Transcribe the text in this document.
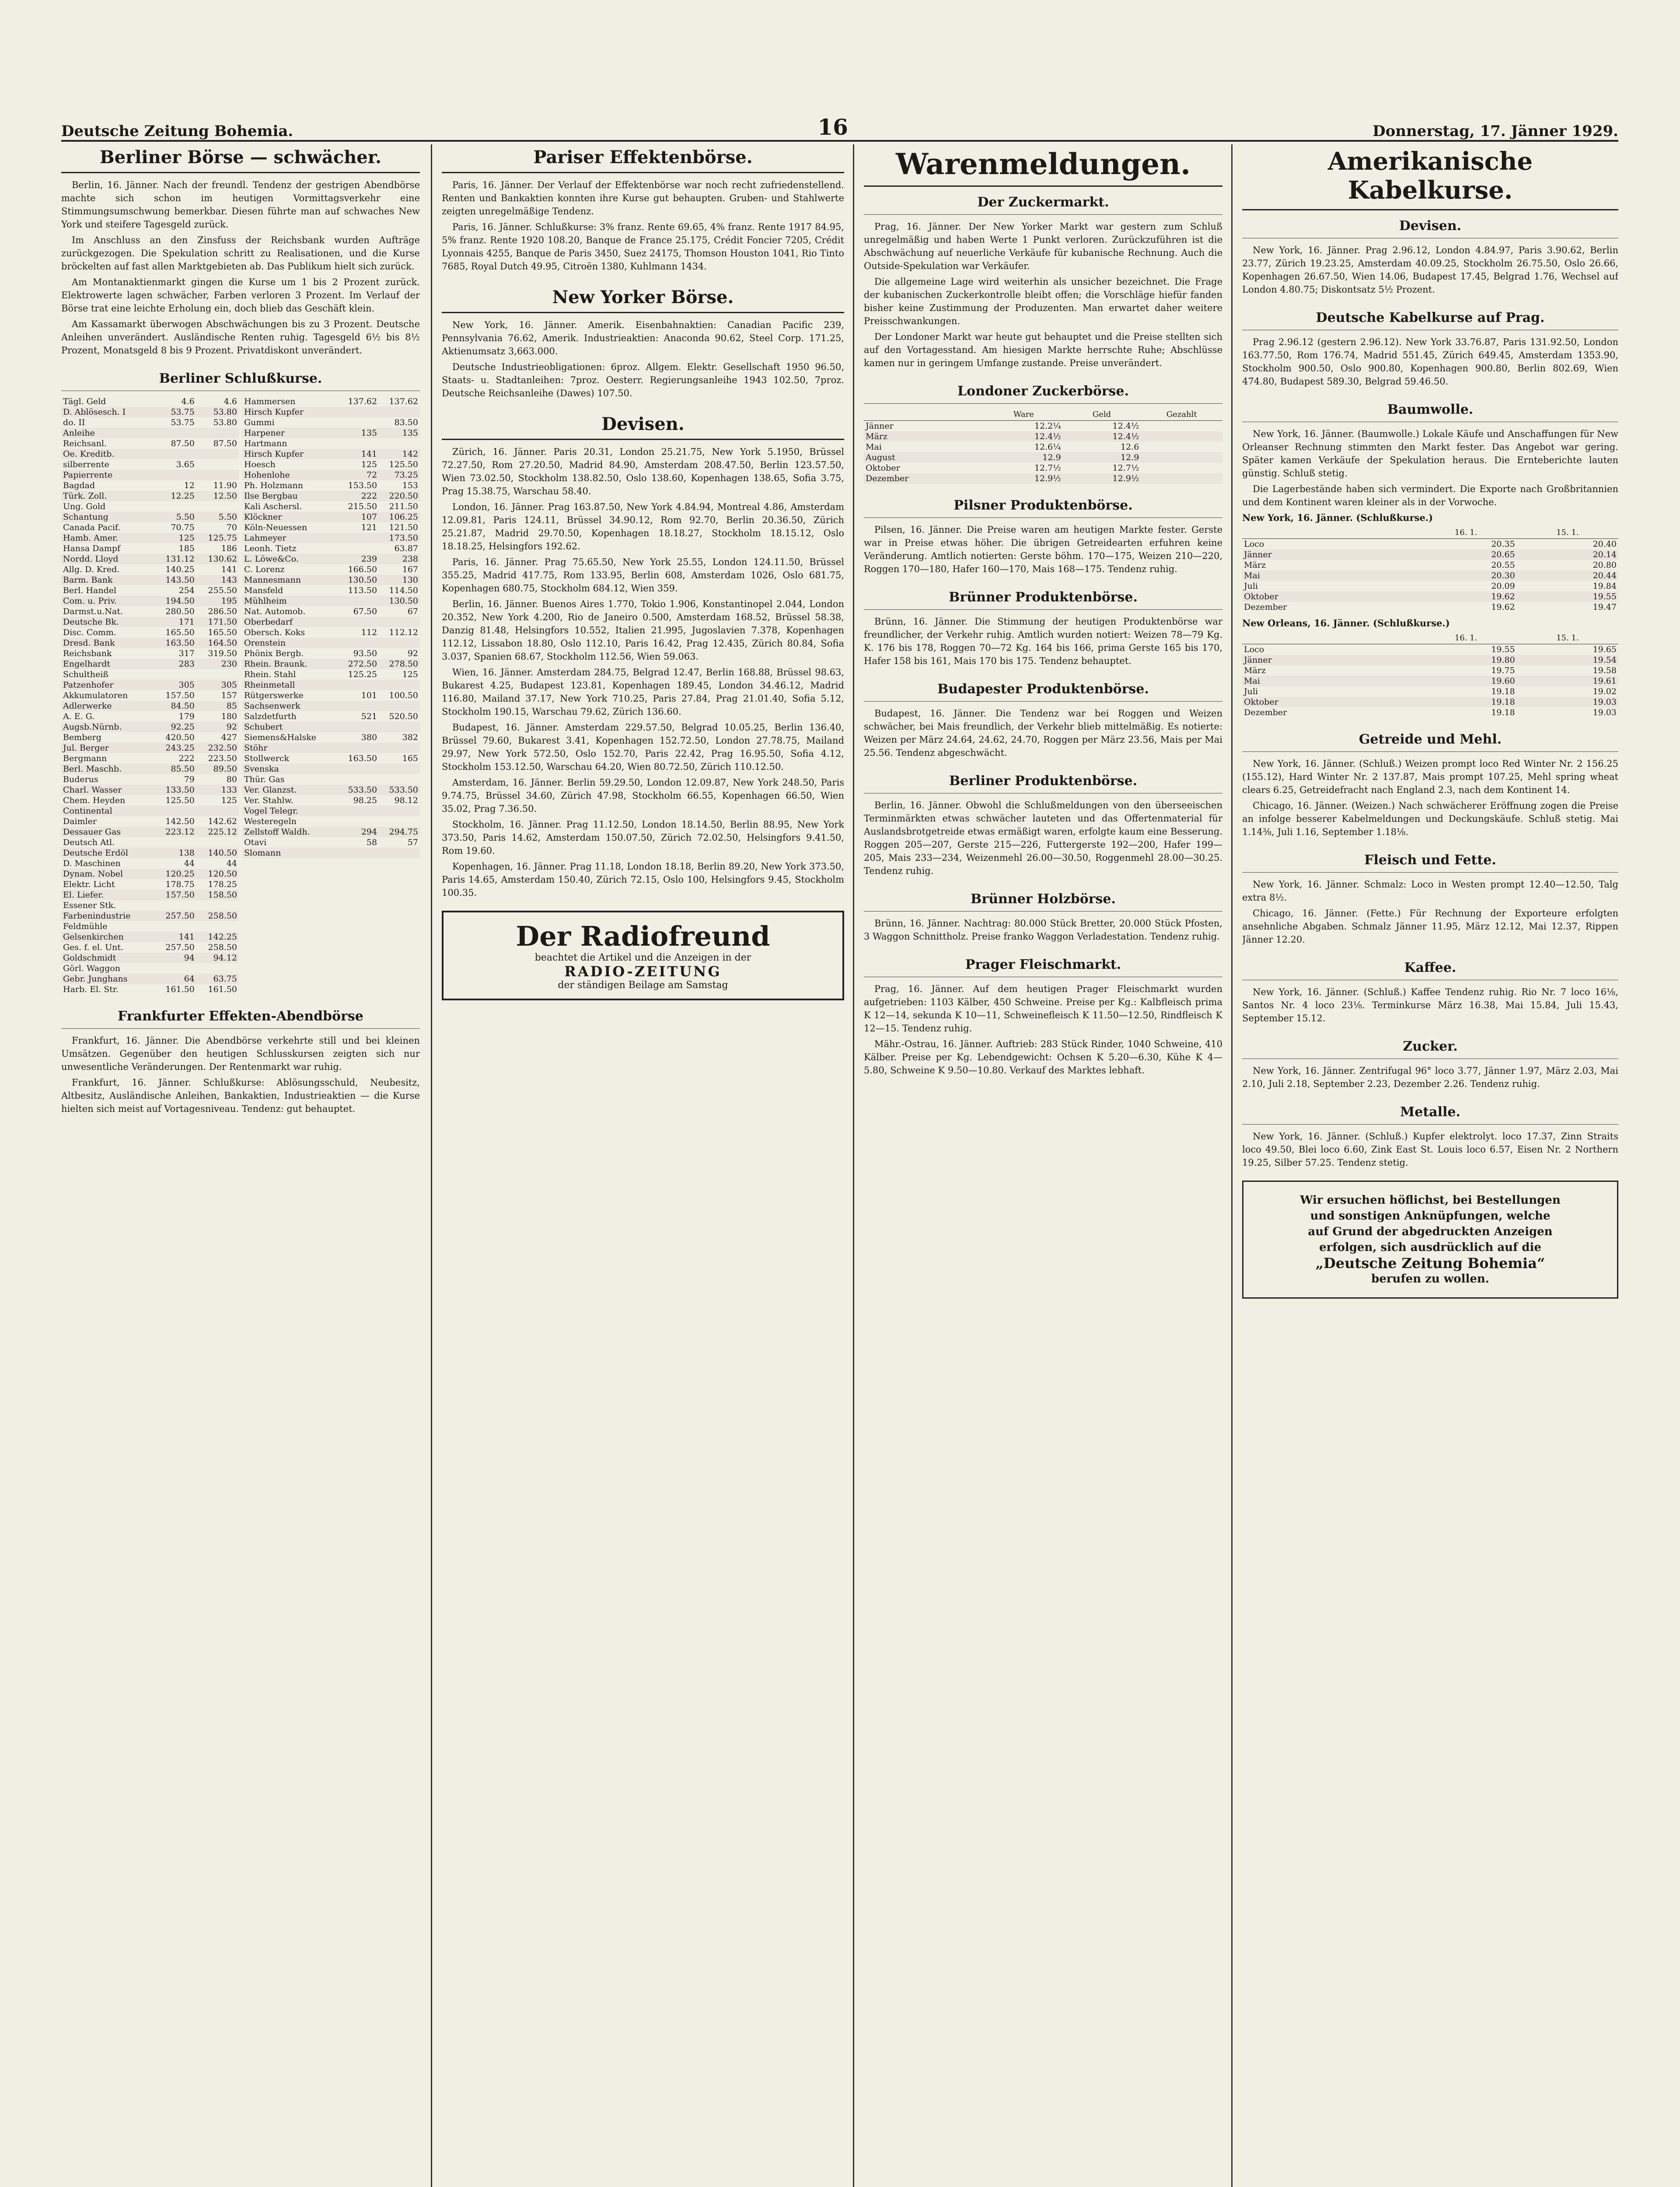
Deutsche Zeitung Bohemia.	16	Donnerstag, 17. Jänner 1929.
Berliner Börse — schwächer.

Berlin, 16. Jänner. Nach der freundl. Tendenz der gestrigen Abendbörse machte sich schon im heutigen Vormittagsverkehr eine Stimmungsumschwung bemerkbar. Diesen führte man auf schwaches New York und steifere Tagesgeld zurück.

Im Anschluss an den Zinsfuss der Reichsbank wurden Aufträge zurückgezogen. Die Spekulation schritt zu Realisationen, und die Kurse bröckelten auf fast allen Marktgebieten ab. Das Publikum hielt sich zurück.

Am Montanaktienmarkt gingen die Kurse um 1 bis 2 Prozent zurück. Elektrowerte lagen schwächer, Farben verloren 3 Prozent. Im Verlauf der Börse trat eine leichte Erholung ein, doch blieb das Geschäft klein.

Am Kassamarkt überwogen Abschwächungen bis zu 3 Prozent. Deutsche Anleihen unverändert. Ausländische Renten ruhig. Tagesgeld 6½ bis 8½ Prozent, Monatsgeld 8 bis 9 Prozent. Privatdiskont unverändert.

Berliner Schlußkurse.
Tägl. Geld	4.6	4.6
D. Ablösesch. I	53.75	53.80
do. II	53.75	53.80
Anleihe		
Reichsanl.	87.50	87.50
Oe. Kreditb.		
silberrente	3.65	
Papierrente		
Bagdad	12	11.90
Türk. Zoll.	12.25	12.50
Ung. Gold		
Schantung	5.50	5.50
Canada Pacif.	70.75	70
Hamb. Amer.	125	125.75
Hansa Dampf	185	186
Nordd. Lloyd	131.12	130.62
Allg. D. Kred.	140.25	141
Barm. Bank	143.50	143
Berl. Handel	254	255.50
Com. u. Priv.	194.50	195
Darmst.u.Nat.	280.50	286.50
Deutsche Bk.	171	171.50
Disc. Comm.	165.50	165.50
Dresd. Bank	163.50	164.50
Reichsbank	317	319.50
Engelhardt	283	230
Schultheiß		
Patzenhofer	305	305
Akkumulatoren	157.50	157
Adlerwerke	84.50	85
A. E. G.	179	180
Augsb.Nürnb.	92.25	92
Bemberg	420.50	427
Jul. Berger	243.25	232.50
Bergmann	222	223.50
Berl. Maschb.	85.50	89.50
Buderus	79	80
Charl. Wasser	133.50	133
Chem. Heyden	125.50	125
Continental		
Daimler	142.50	142.62
Dessauer Gas	223.12	225.12
Deutsch Atl.		
Deutsche Erdöl	138	140.50
D. Maschinen	44	44
Dynam. Nobel	120.25	120.50
Elektr. Licht	178.75	178.25
El. Liefer.	157.50	158.50
Essener Stk.		
Farbenindustrie	257.50	258.50
Feldmühle		
Gelsenkirchen	141	142.25
Ges. f. el. Unt.	257.50	258.50
Goldschmidt	94	94.12
Görl. Waggon		
Gebr. Junghans	64	63.75
Harb. El. Str.	161.50	161.50
Hammersen	137.62	137.62
Hirsch Kupfer		
Gummi		83.50
Harpener	135	135
Hartmann		
Hirsch Kupfer	141	142
Hoesch	125	125.50
Hohenlohe	72	73.25
Ph. Holzmann	153.50	153
Ilse Bergbau	222	220.50
Kali Aschersl.	215.50	211.50
Klöckner	107	106.25
Köln-Neuessen	121	121.50
Lahmeyer		173.50
Leonh. Tietz		63.87
L. Löwe&Co.	239	238
C. Lorenz	166.50	167
Mannesmann	130.50	130
Mansfeld	113.50	114.50
Mühlheim		130.50
Nat. Automob.	67.50	67
Oberbedarf		
Obersch. Koks	112	112.12
Orenstein		
Phönix Bergb.	93.50	92
Rhein. Braunk.	272.50	278.50
Rhein. Stahl	125.25	125
Rheinmetall		
Rütgerswerke	101	100.50
Sachsenwerk		
Salzdetfurth	521	520.50
Schubert		
Siemens&Halske	380	382
Stöhr		
Stollwerck	163.50	165
Svenska		
Thür. Gas		
Ver. Glanzst.	533.50	533.50
Ver. Stahlw.	98.25	98.12
Vogel Telegr.		
Westeregeln		
Zellstoff Waldh.	294	294.75
Otavi	58	57
Slomann		
Frankfurter Effekten-Abendbörse

Frankfurt, 16. Jänner. Die Abendbörse verkehrte still und bei kleinen Umsätzen. Gegenüber den heutigen Schlusskursen zeigten sich nur unwesentliche Veränderungen. Der Rentenmarkt war ruhig.

Frankfurt, 16. Jänner. Schlußkurse: Ablösungsschuld, Neubesitz, Altbesitz, Ausländische Anleihen, Bankaktien, Industrieaktien — die Kurse hielten sich meist auf Vortagesniveau. Tendenz: gut behauptet.

Pariser Effektenbörse.

Paris, 16. Jänner. Der Verlauf der Effektenbörse war noch recht zufriedenstellend. Renten und Bankaktien konnten ihre Kurse gut behaupten. Gruben- und Stahlwerte zeigten unregelmäßige Tendenz.

Paris, 16. Jänner. Schlußkurse: 3% franz. Rente 69.65, 4% franz. Rente 1917 84.95, 5% franz. Rente 1920 108.20, Banque de France 25.175, Crédit Foncier 7205, Crédit Lyonnais 4255, Banque de Paris 3450, Suez 24175, Thomson Houston 1041, Rio Tinto 7685, Royal Dutch 49.95, Citroën 1380, Kuhlmann 1434.

New Yorker Börse.

New York, 16. Jänner. Amerik. Eisenbahnaktien: Canadian Pacific 239, Pennsylvania 76.62, Amerik. Industrieaktien: Anaconda 90.62, Steel Corp. 171.25, Aktienumsatz 3,663.000.

Deutsche Industrieobligationen: 6proz. Allgem. Elektr. Gesellschaft 1950 96.50, Staats- u. Stadtanleihen: 7proz. Oesterr. Regierungsanleihe 1943 102.50, 7proz. Deutsche Reichsanleihe (Dawes) 107.50.

Devisen.

Zürich, 16. Jänner. Paris 20.31, London 25.21.75, New York 5.1950, Brüssel 72.27.50, Rom 27.20.50, Madrid 84.90, Amsterdam 208.47.50, Berlin 123.57.50, Wien 73.02.50, Stockholm 138.82.50, Oslo 138.60, Kopenhagen 138.65, Sofia 3.75, Prag 15.38.75, Warschau 58.40.

London, 16. Jänner. Prag 163.87.50, New York 4.84.94, Montreal 4.86, Amsterdam 12.09.81, Paris 124.11, Brüssel 34.90.12, Rom 92.70, Berlin 20.36.50, Zürich 25.21.87, Madrid 29.70.50, Kopenhagen 18.18.27, Stockholm 18.15.12, Oslo 18.18.25, Helsingfors 192.62.

Paris, 16. Jänner. Prag 75.65.50, New York 25.55, London 124.11.50, Brüssel 355.25, Madrid 417.75, Rom 133.95, Berlin 608, Amsterdam 1026, Oslo 681.75, Kopenhagen 680.75, Stockholm 684.12, Wien 359.

Berlin, 16. Jänner. Buenos Aires 1.770, Tokio 1.906, Konstantinopel 2.044, London 20.352, New York 4.200, Rio de Janeiro 0.500, Amsterdam 168.52, Brüssel 58.38, Danzig 81.48, Helsingfors 10.552, Italien 21.995, Jugoslavien 7.378, Kopenhagen 112.12, Lissabon 18.80, Oslo 112.10, Paris 16.42, Prag 12.435, Zürich 80.84, Sofia 3.037, Spanien 68.67, Stockholm 112.56, Wien 59.063.

Wien, 16. Jänner. Amsterdam 284.75, Belgrad 12.47, Berlin 168.88, Brüssel 98.63, Bukarest 4.25, Budapest 123.81, Kopenhagen 189.45, London 34.46.12, Madrid 116.80, Mailand 37.17, New York 710.25, Paris 27.84, Prag 21.01.40, Sofia 5.12, Stockholm 190.15, Warschau 79.62, Zürich 136.60.

Budapest, 16. Jänner. Amsterdam 229.57.50, Belgrad 10.05.25, Berlin 136.40, Brüssel 79.60, Bukarest 3.41, Kopenhagen 152.72.50, London 27.78.75, Mailand 29.97, New York 572.50, Oslo 152.70, Paris 22.42, Prag 16.95.50, Sofia 4.12, Stockholm 153.12.50, Warschau 64.20, Wien 80.72.50, Zürich 110.12.50.

Amsterdam, 16. Jänner. Berlin 59.29.50, London 12.09.87, New York 248.50, Paris 9.74.75, Brüssel 34.60, Zürich 47.98, Stockholm 66.55, Kopenhagen 66.50, Wien 35.02, Prag 7.36.50.

Stockholm, 16. Jänner. Prag 11.12.50, London 18.14.50, Berlin 88.95, New York 373.50, Paris 14.62, Amsterdam 150.07.50, Zürich 72.02.50, Helsingfors 9.41.50, Rom 19.60.

Kopenhagen, 16. Jänner. Prag 11.18, London 18.18, Berlin 89.20, New York 373.50, Paris 14.65, Amsterdam 150.40, Zürich 72.15, Oslo 100, Helsingfors 9.45, Stockholm 100.35.

Der Radiofreund
beachtet die Artikel und die Anzeigen in der
RADIO-ZEITUNG
der ständigen Beilage am Samstag
Warenmeldungen.
Der Zuckermarkt.

Prag, 16. Jänner. Der New Yorker Markt war gestern zum Schluß unregelmäßig und haben Werte 1 Punkt verloren. Zurückzuführen ist die Abschwächung auf neuerliche Verkäufe für kubanische Rechnung. Auch die Outside-Spekulation war Verkäufer.

Die allgemeine Lage wird weiterhin als unsicher bezeichnet. Die Frage der kubanischen Zuckerkontrolle bleibt offen; die Vorschläge hiefür fanden bisher keine Zustimmung der Produzenten. Man erwartet daher weitere Preisschwankungen.

Der Londoner Markt war heute gut behauptet und die Preise stellten sich auf den Vortagesstand. Am hiesigen Markte herrschte Ruhe; Abschlüsse kamen nur in geringem Umfange zustande. Preise unverändert.

Londoner Zuckerbörse.
	Ware	Geld	Gezahlt
Jänner	12.2¼	12.4½	
März	12.4½	12.4½	
Mai	12.6¼	12.6	
August	12.9	12.9	
Oktober	12.7½	12.7½	
Dezember	12.9½	12.9½	
Pilsner Produktenbörse.

Pilsen, 16. Jänner. Die Preise waren am heutigen Markte fester. Gerste war in Preise etwas höher. Die übrigen Getreidearten erfuhren keine Veränderung. Amtlich notierten: Gerste böhm. 170—175, Weizen 210—220, Roggen 170—180, Hafer 160—170, Mais 168—175. Tendenz ruhig.

Brünner Produktenbörse.

Brünn, 16. Jänner. Die Stimmung der heutigen Produktenbörse war freundlicher, der Verkehr ruhig. Amtlich wurden notiert: Weizen 78—79 Kg. K. 176 bis 178, Roggen 70—72 Kg. 164 bis 166, prima Gerste 165 bis 170, Hafer 158 bis 161, Mais 170 bis 175. Tendenz behauptet.

Budapester Produktenbörse.

Budapest, 16. Jänner. Die Tendenz war bei Roggen und Weizen schwächer, bei Mais freundlich, der Verkehr blieb mittelmäßig. Es notierte: Weizen per März 24.64, 24.62, 24.70, Roggen per März 23.56, Mais per Mai 25.56. Tendenz abgeschwächt.

Berliner Produktenbörse.

Berlin, 16. Jänner. Obwohl die Schlußmeldungen von den überseeischen Terminmärkten etwas schwächer lauteten und das Offertenmaterial für Auslandsbrotgetreide etwas ermäßigt waren, erfolgte kaum eine Besserung. Roggen 205—207, Gerste 215—226, Futtergerste 192—200, Hafer 199—205, Mais 233—234, Weizenmehl 26.00—30.50, Roggenmehl 28.00—30.25. Tendenz ruhig.

Brünner Holzbörse.

Brünn, 16. Jänner. Nachtrag: 80.000 Stück Bretter, 20.000 Stück Pfosten, 3 Waggon Schnittholz. Preise franko Waggon Verladestation. Tendenz ruhig.

Prager Fleischmarkt.

Prag, 16. Jänner. Auf dem heutigen Prager Fleischmarkt wurden aufgetrieben: 1103 Kälber, 450 Schweine. Preise per Kg.: Kalbfleisch prima K 12—14, sekunda K 10—11, Schweinefleisch K 11.50—12.50, Rindfleisch K 12—15. Tendenz ruhig.

Mähr.-Ostrau, 16. Jänner. Auftrieb: 283 Stück Rinder, 1040 Schweine, 410 Kälber. Preise per Kg. Lebendgewicht: Ochsen K 5.20—6.30, Kühe K 4—5.80, Schweine K 9.50—10.80. Verkauf des Marktes lebhaft.

Amerikanische Kabelkurse.
Devisen.

New York, 16. Jänner. Prag 2.96.12, London 4.84.97, Paris 3.90.62, Berlin 23.77, Zürich 19.23.25, Amsterdam 40.09.25, Stockholm 26.75.50, Oslo 26.66, Kopenhagen 26.67.50, Wien 14.06, Budapest 17.45, Belgrad 1.76, Wechsel auf London 4.80.75; Diskontsatz 5½ Prozent.

Deutsche Kabelkurse auf Prag.

Prag 2.96.12 (gestern 2.96.12). New York 33.76.87, Paris 131.92.50, London 163.77.50, Rom 176.74, Madrid 551.45, Zürich 649.45, Amsterdam 1353.90, Stockholm 900.50, Oslo 900.80, Kopenhagen 900.80, Berlin 802.69, Wien 474.80, Budapest 589.30, Belgrad 59.46.50.

Baumwolle.

New York, 16. Jänner. (Baumwolle.) Lokale Käufe und Anschaffungen für New Orleanser Rechnung stimmten den Markt fester. Das Angebot war gering. Später kamen Verkäufe der Spekulation heraus. Die Ernteberichte lauten günstig. Schluß stetig.

Die Lagerbestände haben sich vermindert. Die Exporte nach Großbritannien und dem Kontinent waren kleiner als in der Vorwoche.

New York, 16. Jänner. (Schlußkurse.)

	16. 1.	15. 1.
Loco	20.35	20.40
Jänner	20.65	20.14
März	20.55	20.80
Mai	20.30	20.44
Juli	20.09	19.84
Oktober	19.62	19.55
Dezember	19.62	19.47

New Orleans, 16. Jänner. (Schlußkurse.)

	16. 1.	15. 1.
Loco	19.55	19.65
Jänner	19.80	19.54
März	19.75	19.58
Mai	19.60	19.61
Juli	19.18	19.02
Oktober	19.18	19.03
Dezember	19.18	19.03
Getreide und Mehl.

New York, 16. Jänner. (Schluß.) Weizen prompt loco Red Winter Nr. 2 156.25 (155.12), Hard Winter Nr. 2 137.87, Mais prompt 107.25, Mehl spring wheat clears 6.25, Getreidefracht nach England 2.3, nach dem Kontinent 14.

Chicago, 16. Jänner. (Weizen.) Nach schwächerer Eröffnung zogen die Preise an infolge besserer Kabelmeldungen und Deckungskäufe. Schluß stetig. Mai 1.14⅜, Juli 1.16, September 1.18⅛.

Fleisch und Fette.

New York, 16. Jänner. Schmalz: Loco in Westen prompt 12.40—12.50, Talg extra 8½.

Chicago, 16. Jänner. (Fette.) Für Rechnung der Exporteure erfolgten ansehnliche Abgaben. Schmalz Jänner 11.95, März 12.12, Mai 12.37, Rippen Jänner 12.20.

Kaffee.

New York, 16. Jänner. (Schluß.) Kaffee Tendenz ruhig. Rio Nr. 7 loco 16⅛, Santos Nr. 4 loco 23⅛. Terminkurse März 16.38, Mai 15.84, Juli 15.43, September 15.12.

Zucker.

New York, 16. Jänner. Zentrifugal 96° loco 3.77, Jänner 1.97, März 2.03, Mai 2.10, Juli 2.18, September 2.23, Dezember 2.26. Tendenz ruhig.

Metalle.

New York, 16. Jänner. (Schluß.) Kupfer elektrolyt. loco 17.37, Zinn Straits loco 49.50, Blei loco 6.60, Zink East St. Louis loco 6.57, Eisen Nr. 2 Northern 19.25, Silber 57.25. Tendenz stetig.

Wir ersuchen höflichst, bei Bestellungen
und sonstigen Anknüpfungen, welche
auf Grund der abgedruckten Anzeigen
erfolgen, sich ausdrücklich auf die
„Deutsche Zeitung Bohemia“
berufen zu wollen.
